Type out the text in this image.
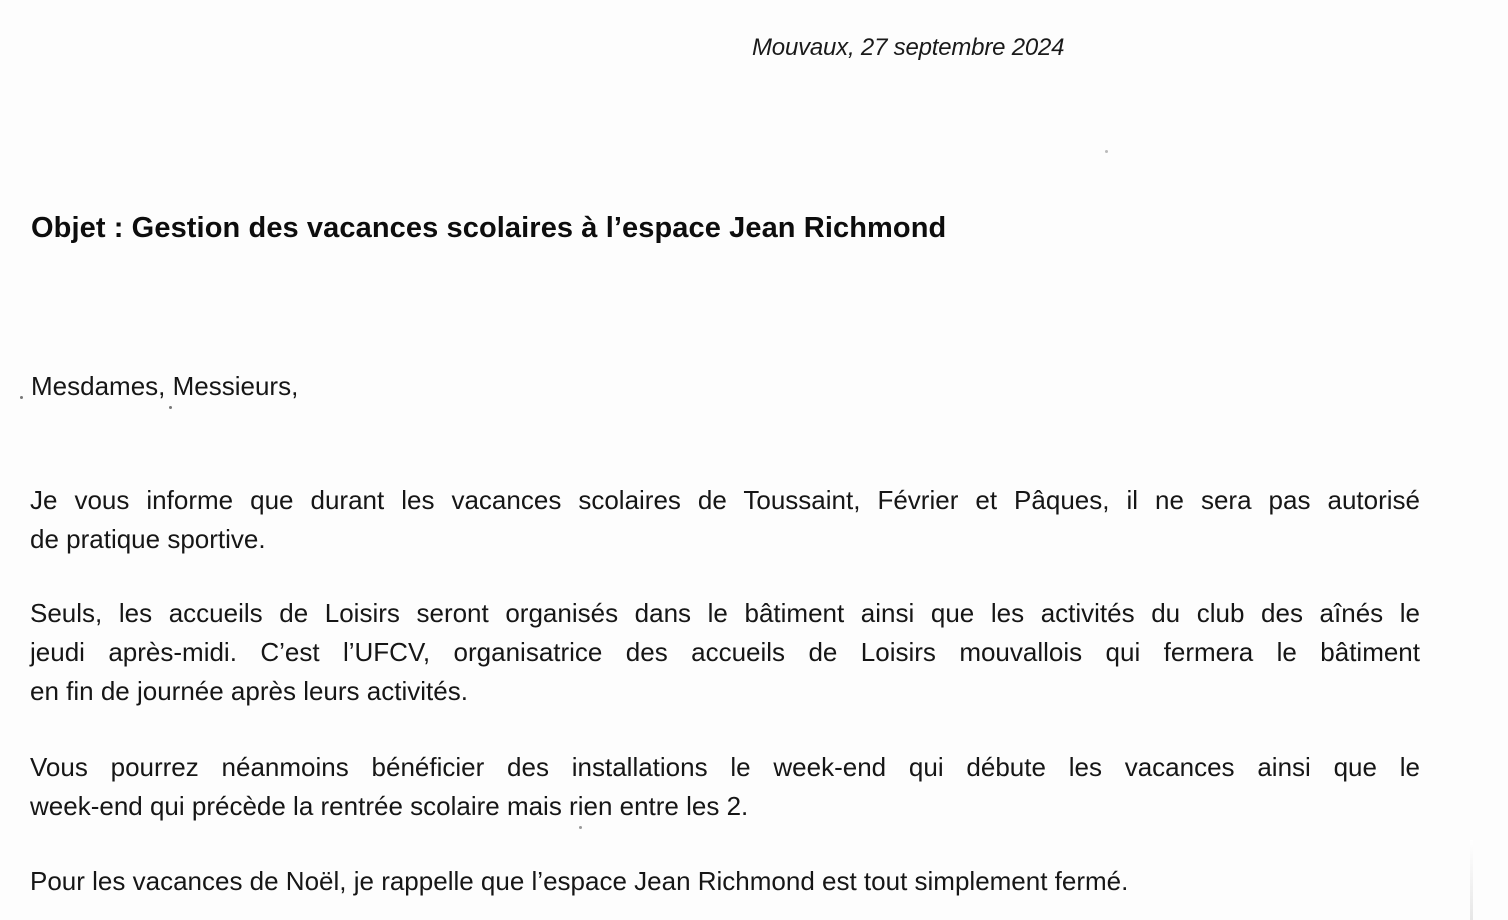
Mouvaux, 27 septembre 2024
Objet : Gestion des vacances scolaires à l’espace Jean Richmond
Mesdames, Messieurs,
Je vous informe que durant les vacances scolaires de Toussaint, Février et Pâques, il ne sera pas autorisé
de pratique sportive.
Seuls, les accueils de Loisirs seront organisés dans le bâtiment ainsi que les activités du club des aînés le
jeudi après-midi. C’est l’UFCV, organisatrice des accueils de Loisirs mouvallois qui fermera le bâtiment
en fin de journée après leurs activités.
Vous pourrez néanmoins bénéficier des installations le week-end qui débute les vacances ainsi que le
week-end qui précède la rentrée scolaire mais rien entre les 2.
Pour les vacances de Noël, je rappelle que l’espace Jean Richmond est tout simplement fermé.
